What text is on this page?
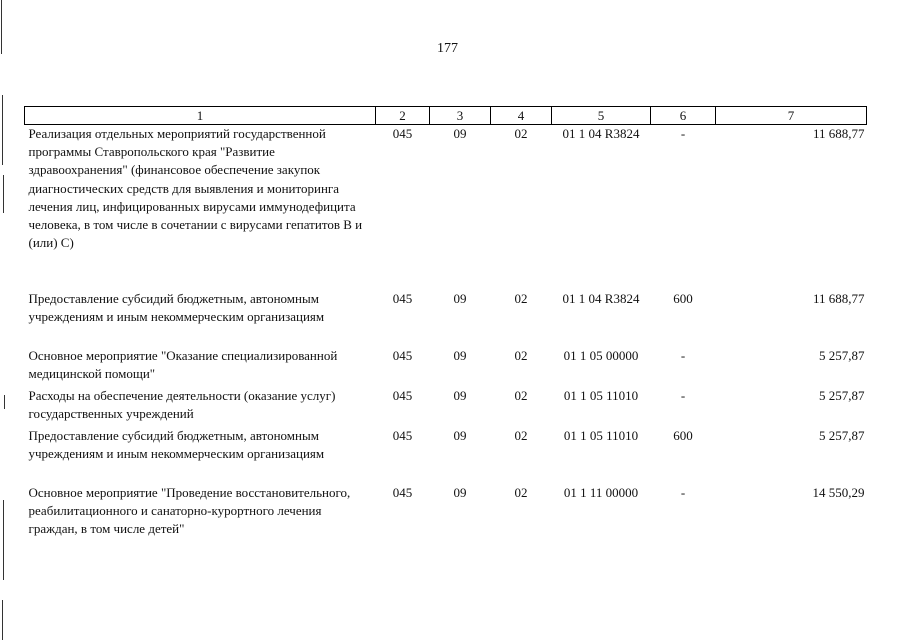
177
1	2	3	4	5	6	7
Реализация отдельных мероприятий государственной программы Ставропольского края "Развитие здравоохранения" (финансовое обеспечение закупок диагностических средств для выявления и мониторинга лечения лиц, инфицированных вирусами иммунодефицита человека, в том числе в сочетании с вирусами гепатитов B и (или) C)	045	09	02	01 1 04 R3824	-	11 688,77
Предоставление субсидий бюджетным, автономным учреждениям и иным некоммерческим организациям	045	09	02	01 1 04 R3824	600	11 688,77
Основное мероприятие "Оказание специализированной медицинской помощи"	045	09	02	01 1 05 00000	-	5 257,87
Расходы на обеспечение деятельности (оказание услуг) государственных учреждений	045	09	02	01 1 05 11010	-	5 257,87
Предоставление субсидий бюджетным, автономным учреждениям и иным некоммерческим организациям	045	09	02	01 1 05 11010	600	5 257,87
Основное мероприятие "Проведение восстановительного, реабилитационного и санаторно-курортного лечения граждан, в том числе детей"	045	09	02	01 1 11 00000	-	14 550,29
